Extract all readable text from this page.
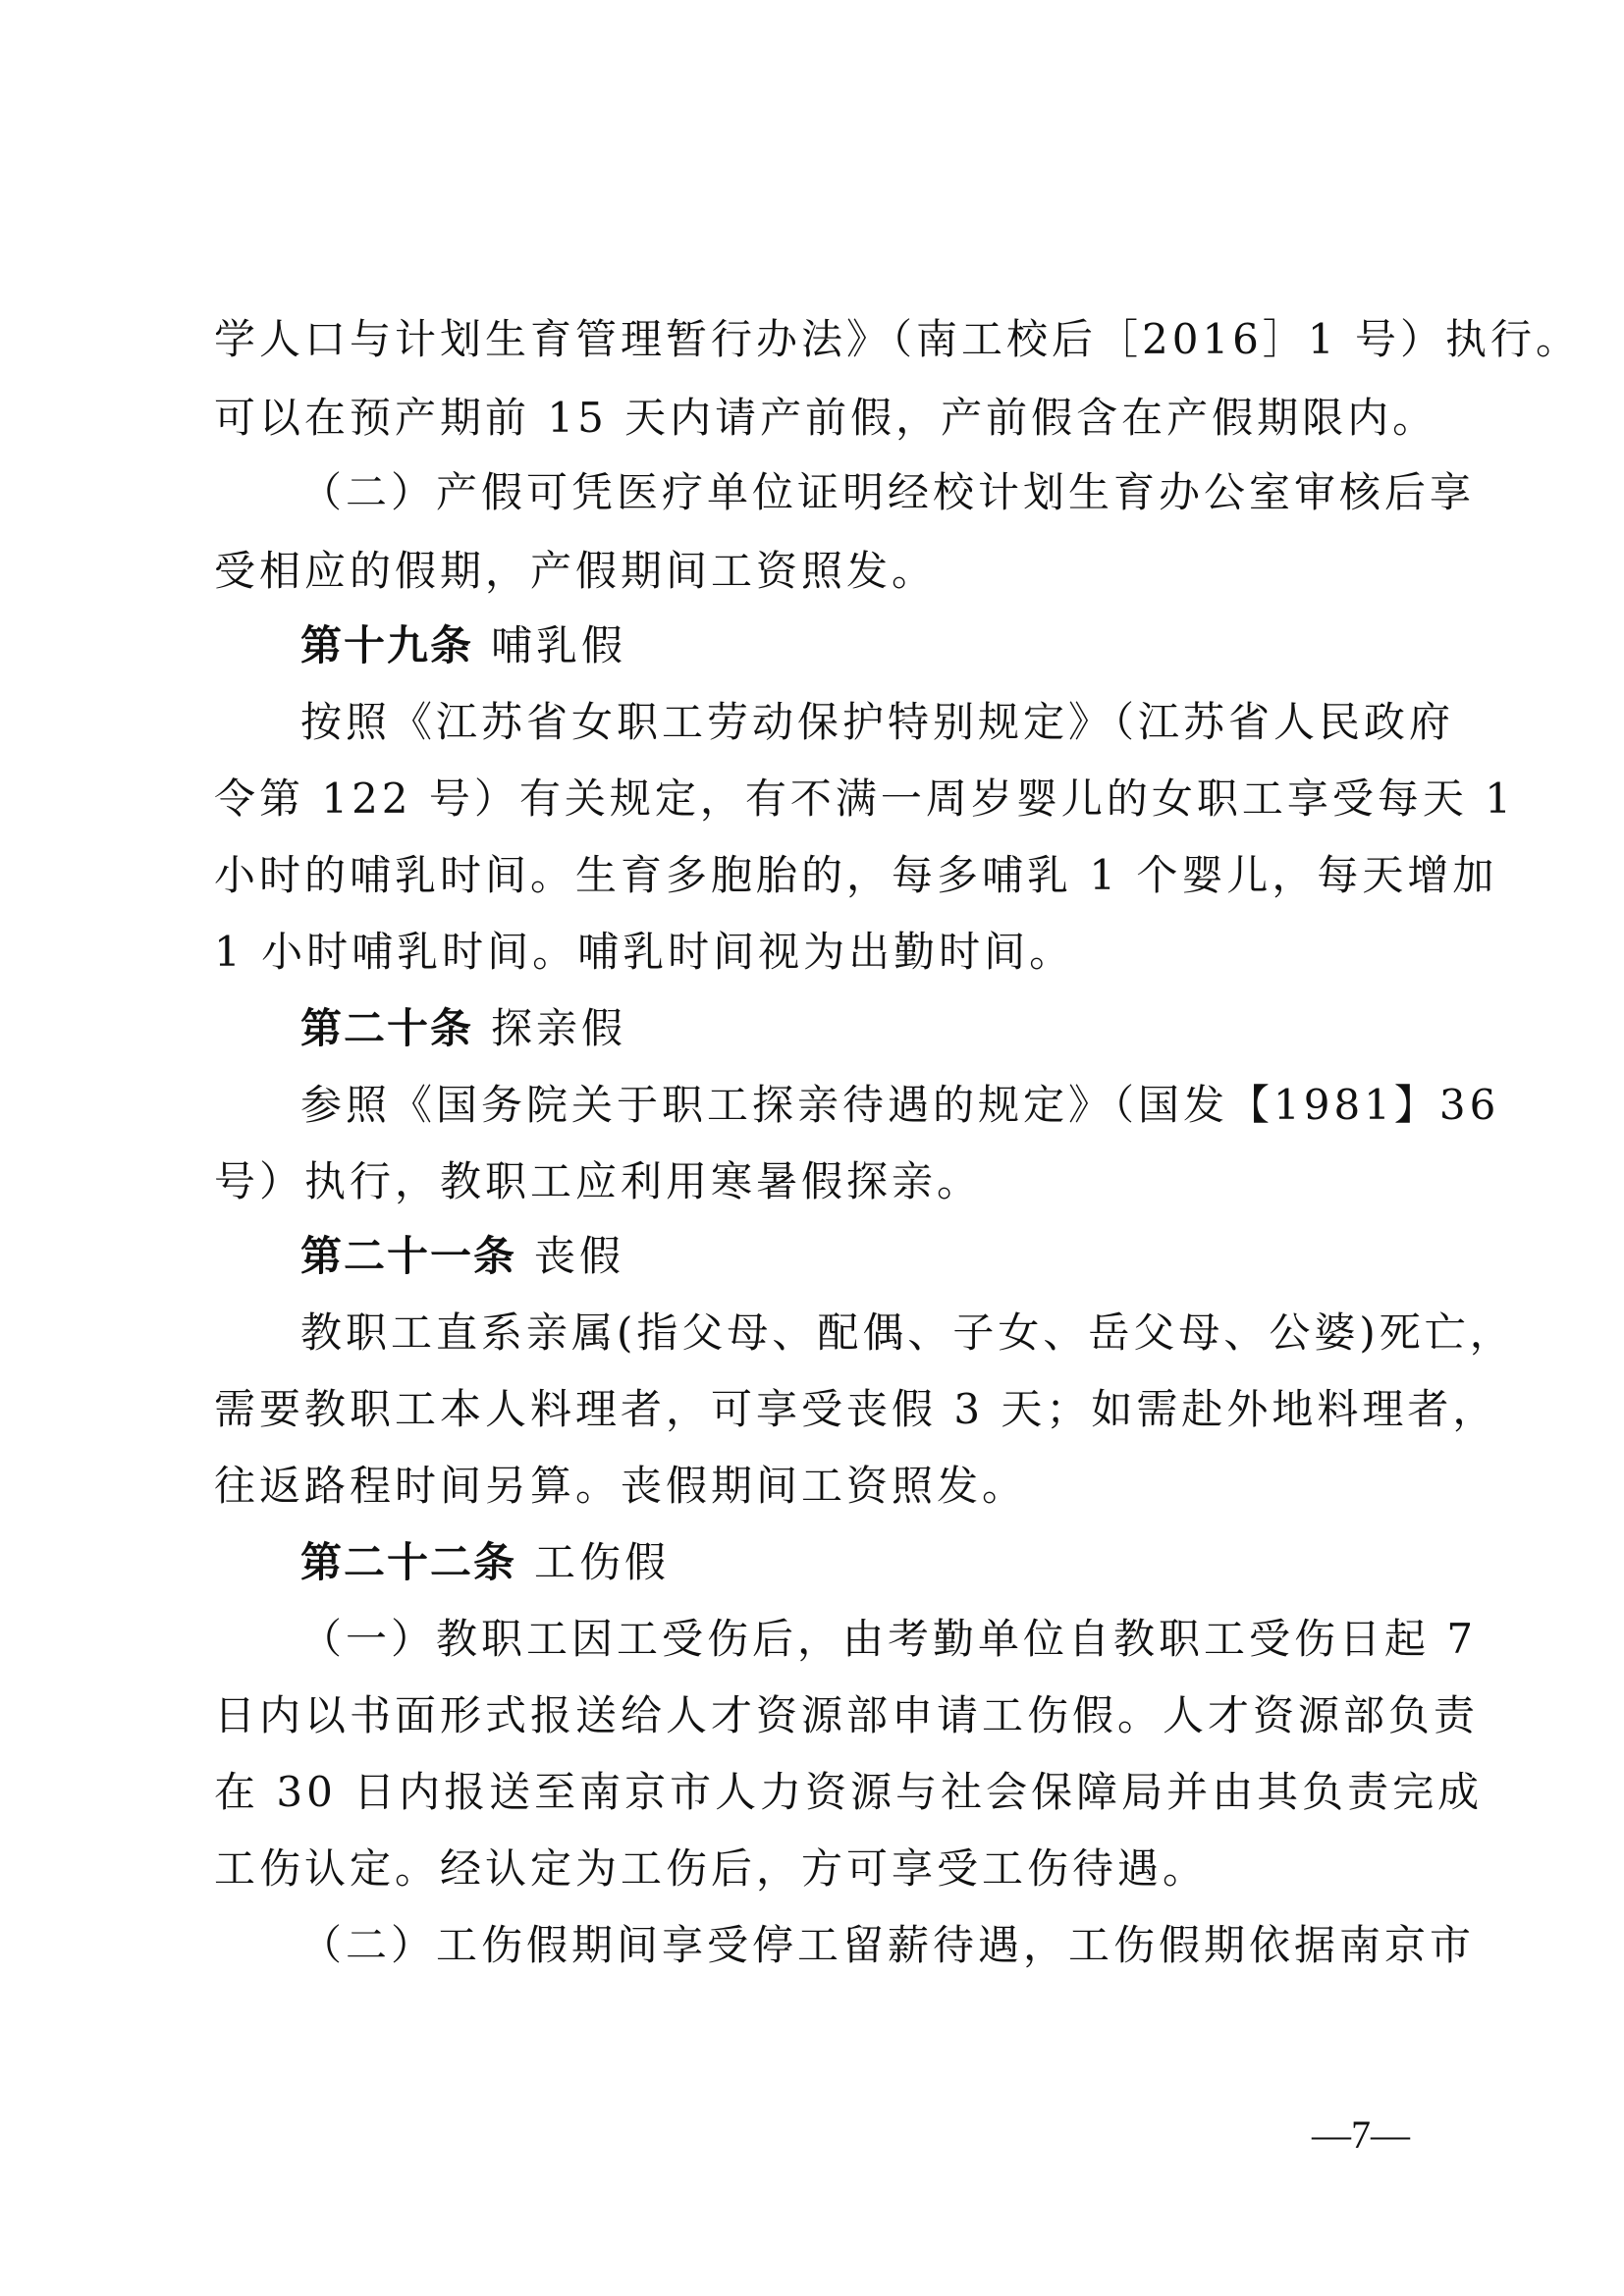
学人口与计划生育管理暂行办法》（南工校后［2016］1 号）执行。
可以在预产期前 15 天内请产前假，产前假含在产假期限内。
（二）产假可凭医疗单位证明经校计划生育办公室审核后享
受相应的假期，产假期间工资照发。
第十九条 哺乳假
按照《江苏省女职工劳动保护特别规定》（江苏省人民政府
令第 122 号）有关规定，有不满一周岁婴儿的女职工享受每天 1
小时的哺乳时间。生育多胞胎的，每多哺乳 1 个婴儿，每天增加
1 小时哺乳时间。哺乳时间视为出勤时间。
第二十条 探亲假
参照《国务院关于职工探亲待遇的规定》（国发【1981】36
号）执行，教职工应利用寒暑假探亲。
第二十一条 丧假
教职工直系亲属(指父母、配偶、子女、岳父母、公婆)死亡，
需要教职工本人料理者，可享受丧假 3 天；如需赴外地料理者，
往返路程时间另算。丧假期间工资照发。
第二十二条 工伤假
（一）教职工因工受伤后，由考勤单位自教职工受伤日起 7
日内以书面形式报送给人才资源部申请工伤假。人才资源部负责
在 30 日内报送至南京市人力资源与社会保障局并由其负责完成
工伤认定。经认定为工伤后，方可享受工伤待遇。
（二）工伤假期间享受停工留薪待遇，工伤假期依据南京市
—7—
